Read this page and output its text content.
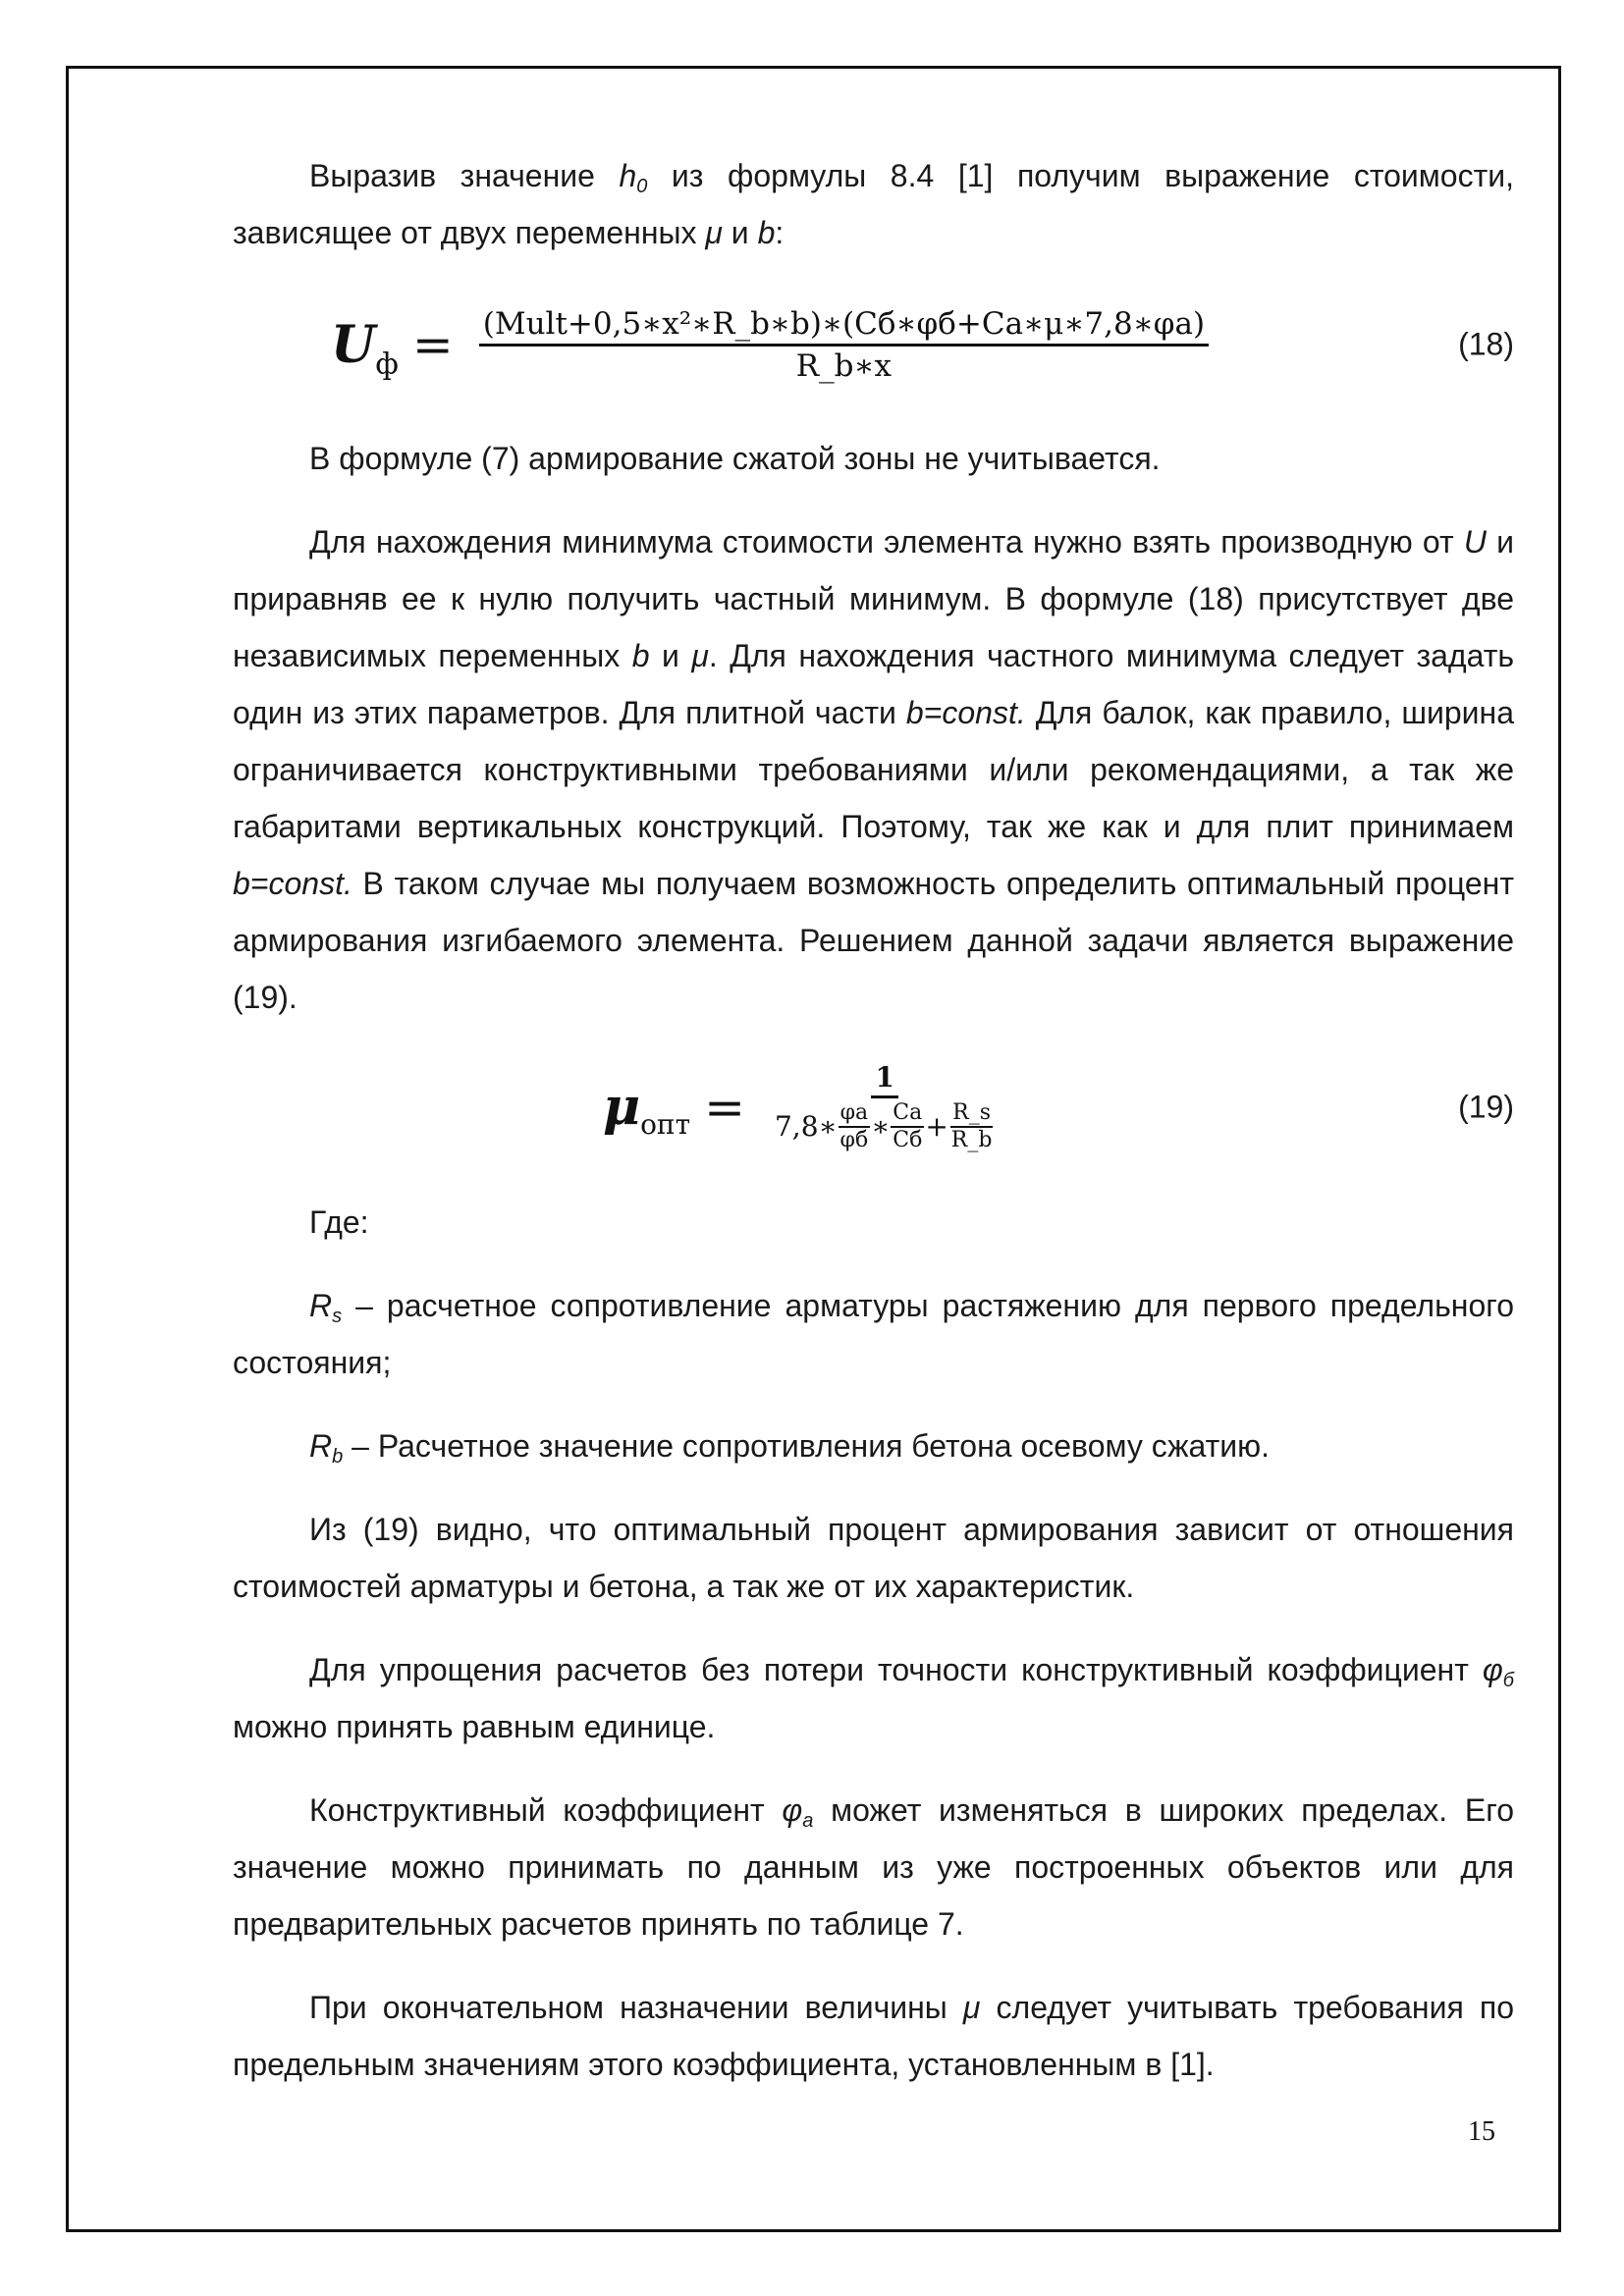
Выразив значение $h_0$ из формулы 8.4 [1] получим выражение стоимости, зависящее от двух переменных μ и b:

$U_ф = \frac{\text{(Mult+0,5∗x²∗R\_b∗b)∗(Сб∗φб+Са∗μ∗7,8∗φа)}}{R\_b∗x}$	(18)

В формуле (7) армирование сжатой зоны не учитывается.

Для нахождения минимума стоимости элемента нужно взять производную от U и приравняв ее к нулю получить частный минимум. В формуле (18) присутствует две независимых переменных b и μ. Для нахождения частного минимума следует задать один из этих параметров. Для плитной части b=const. Для балок, как правило, ширина ограничивается конструктивными требованиями и/или рекомендациями, а так же габаритами вертикальных конструкций. Поэтому, так же как и для плит принимаем b=const. В таком случае мы получаем возможность определить оптимальный процент армирования изгибаемого элемента. Решением данной задачи является выражение (19).

$\mu_{опт}$ =
1
7,8∗ $\frac{\varphi a}{\varphi б}$ ∗ $\frac{Са}{Сб} + \frac{R\_s}{R\_b}$	(19)

Где:

$R_s$ – расчетное сопротивление арматуры растяжению для первого предельного состояния;

$R_b$ – Расчетное значение сопротивления бетона осевому сжатию.

Из (19) видно, что оптимальный процент армирования зависит от отношения стоимостей арматуры и бетона, а так же от их характеристик.

Для упрощения расчетов без потери точности конструктивный коэффициент $\varphi_б$ можно принять равным единице.

Конструктивный коэффициент $\varphi_а$ может изменяться в широких пределах. Его значение можно принимать по данным из уже построенных объектов или для предварительных расчетов принять по таблице 7.

При окончательном назначении величины μ следует учитывать требования по предельным значениям этого коэффициента, установленным в [1].

15
